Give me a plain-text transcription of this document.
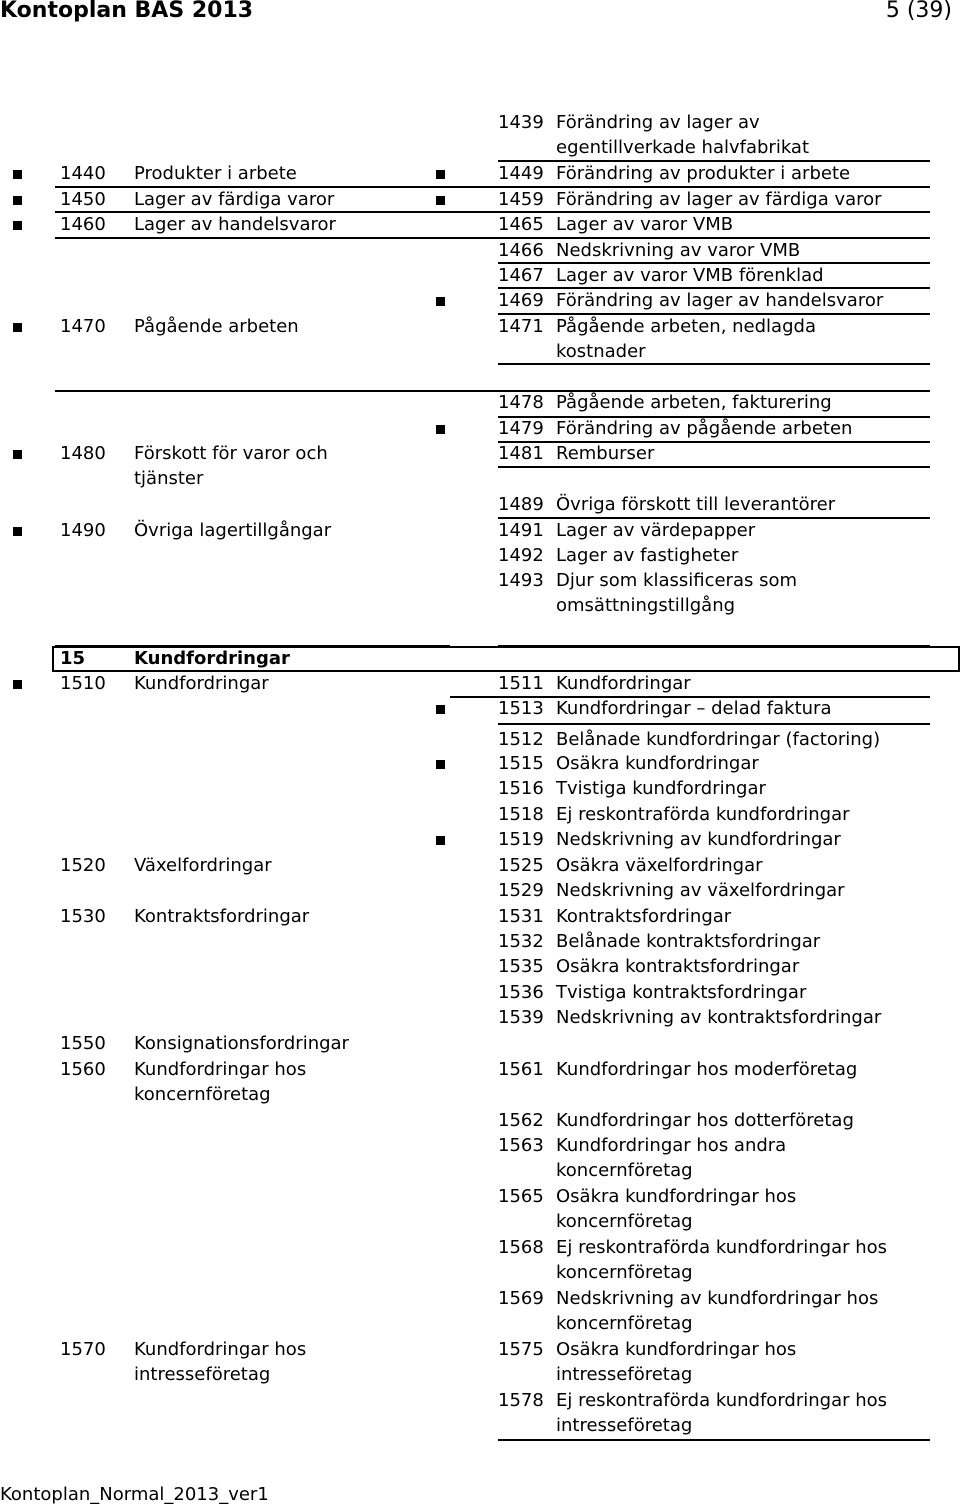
Kontoplan BAS 2013	5 (39)
15	Kundfordringar
1440 Produkter i arbete
1450 Lager av färdiga varor
1460 Lager av handelsvaror
1470 Pågående arbeten
1480 Förskott för varor och
tjänster
1490 Övriga lagertillgångar
1510 Kundfordringar
1520 Växelfordringar
1530 Kontraktsfordringar
1550 Konsignationsfordringar
1560 Kundfordringar hos
koncernföretag
1570 Kundfordringar hos
intresseföretag
1439 Förändring av lager av
egentillverkade halvfabrikat
1449 Förändring av produkter i arbete
1459 Förändring av lager av färdiga varor
1465 Lager av varor VMB
1466 Nedskrivning av varor VMB
1467 Lager av varor VMB förenklad
1469 Förändring av lager av handelsvaror
1471 Pågående arbeten, nedlagda
kostnader
1478 Pågående arbeten, fakturering
1479 Förändring av pågående arbeten
1481 Remburser
1489 Övriga förskott till leverantörer
1491 Lager av värdepapper
1492 Lager av fastigheter
1493 Djur som klassificeras som
omsättningstillgång
1511 Kundfordringar
1513 Kundfordringar – delad faktura
1512 Belånade kundfordringar (factoring)
1515 Osäkra kundfordringar
1516 Tvistiga kundfordringar
1518 Ej reskontraförda kundfordringar
1519 Nedskrivning av kundfordringar
1525 Osäkra växelfordringar
1529 Nedskrivning av växelfordringar
1531 Kontraktsfordringar
1532 Belånade kontraktsfordringar
1535 Osäkra kontraktsfordringar
1536 Tvistiga kontraktsfordringar
1539 Nedskrivning av kontraktsfordringar
1561 Kundfordringar hos moderföretag
1562 Kundfordringar hos dotterföretag
1563 Kundfordringar hos andra
koncernföretag
1565 Osäkra kundfordringar hos
koncernföretag
1568 Ej reskontraförda kundfordringar hos
koncernföretag
1569 Nedskrivning av kundfordringar hos
koncernföretag
1575 Osäkra kundfordringar hos
intresseföretag
1578 Ej reskontraförda kundfordringar hos
intresseföretag
Kontoplan_Normal_2013_ver1
